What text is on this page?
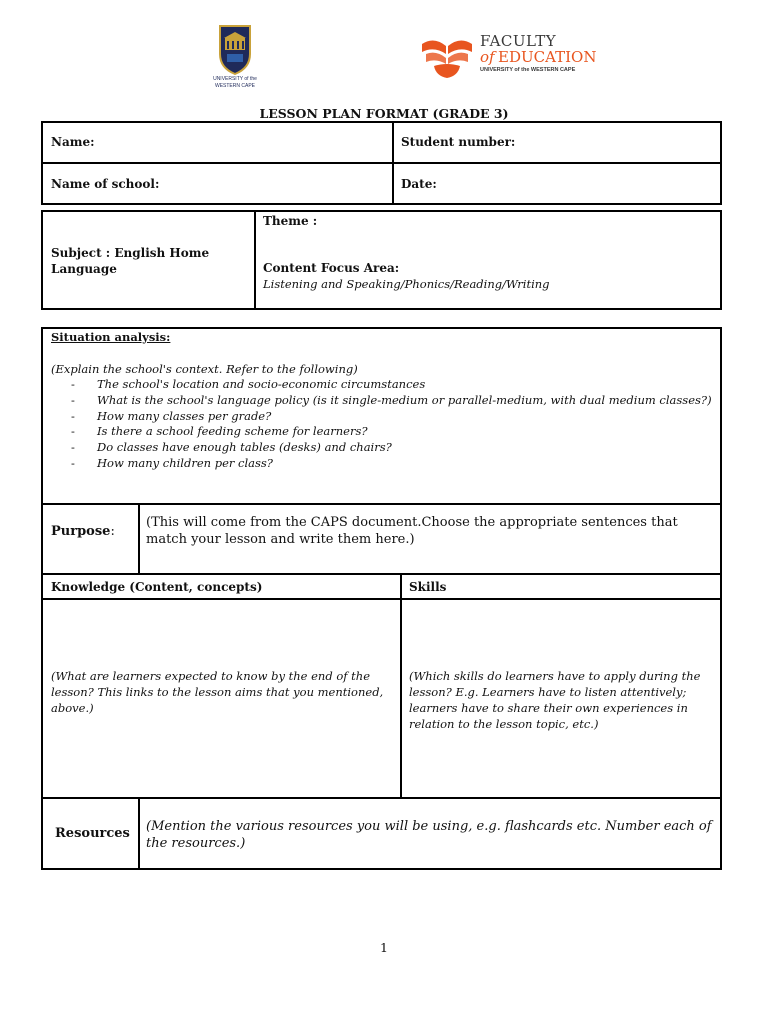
UNIVERSITY of the
WESTERN CAPE
FACULTY
of EDUCATION
UNIVERSITY of the WESTERN CAPE
LESSON PLAN FORMAT (GRADE 3)
Name:	Student number:
Name of school:	Date:
Subject : English Home Language
Theme :
Content Focus Area:
Listening and Speaking/Phonics/Reading/Writing
Situation analysis:
(Explain the school's context. Refer to the following)
- The school's location and socio-economic circumstances
- What is the school's language policy (is it single-medium or parallel-medium, with dual medium classes?)
- How many classes per grade?
- Is there a school feeding scheme for learners?
- Do classes have enough tables (desks) and chairs?
- How many children per class?
Purpose:
(This will come from the CAPS document.Choose the appropriate sentences that match your lesson and write them here.)
Knowledge (Content, concepts)	Skills
(What are learners expected to know by the end of the lesson? This links to the lesson aims that you mentioned, above.)
(Which skills do learners have to apply during the lesson? E.g. Learners have to listen attentively; learners have to share their own experiences in relation to the lesson topic, etc.)
Resources (Mention the various resources you will be using, e.g. flashcards etc. Number each of the resources.)
1
